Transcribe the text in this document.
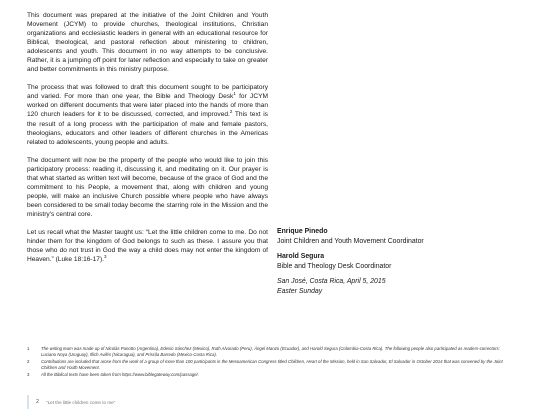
This document was prepared at the initiative of the Joint Children and Youth Movement (JCYM) to provide churches, theological institutions, Christian organizations and ecclesiastic leaders in general with an educational resource for Biblical, theological, and pastoral reflection about ministering to children, adolescents and youth. This document in no way attempts to be conclusive. Rather, it is a jumping off point for later reflection and especially to take on greater and better commitments in this ministry purpose.

The process that was followed to draft this document sought to be participatory and varied. For more than one year, the Bible and Theology Desk$^1$ for JCYM worked on different documents that were later placed into the hands of more than 120 church leaders for it to be discussed, corrected, and improved.$^2$ This text is the result of a long process with the participation of male and female pastors, theologians, educators and other leaders of different churches in the Americas related to adolescents, young people and adults.

The document will now be the property of the people who would like to join this participatory process: reading it, discussing it, and meditating on it. Our prayer is that what started as written text will become, because of the grace of God and the commitment to his People, a movement that, along with children and young people, will make an inclusive Church possible where people who have always been considered to be small today become the starring role in the Mission and the ministry's central core.

Let us recall what the Master taught us: “Let the little children come to me. Do not hinder them for the kingdom of God belongs to such as these. I assure you that those who do not trust in God the way a child does may not enter the kingdom of Heaven.” (Luke 18:16-17).$^3$

Enrique Pinedo
Joint Children and Youth Movement Coordinator
Harold Segura
Bible and Theology Desk Coordinator
San José, Costa Rica, April 5, 2015
Easter Sunday
1	The writing team was made up of Nicolás Panotto (Argentina), Edesio Sánchez (Mexico), Ruth Alvarado (Peru), Ángel Manzo (Ecuador), and Harold Segura (Colombia-Costa Rica). The following people also participated as readers-correctors: Luciano Noya (Uruguay), Illich Avilés (Nicaragua), and Priscila Barredo (Mexico-Costa Rica).
2	Contributions are included that arose from the work of a group of more than 100 participants in the Mesoamerican Congress titled Children, Heart of the Mission, held in San Salvador, El Salvador in October 2014 that was convened by the Joint Children and Youth Movement.
3	All the Biblical texts have been taken from https://www.biblegateway.com/passage/.
2 “Let the little children come to me”
